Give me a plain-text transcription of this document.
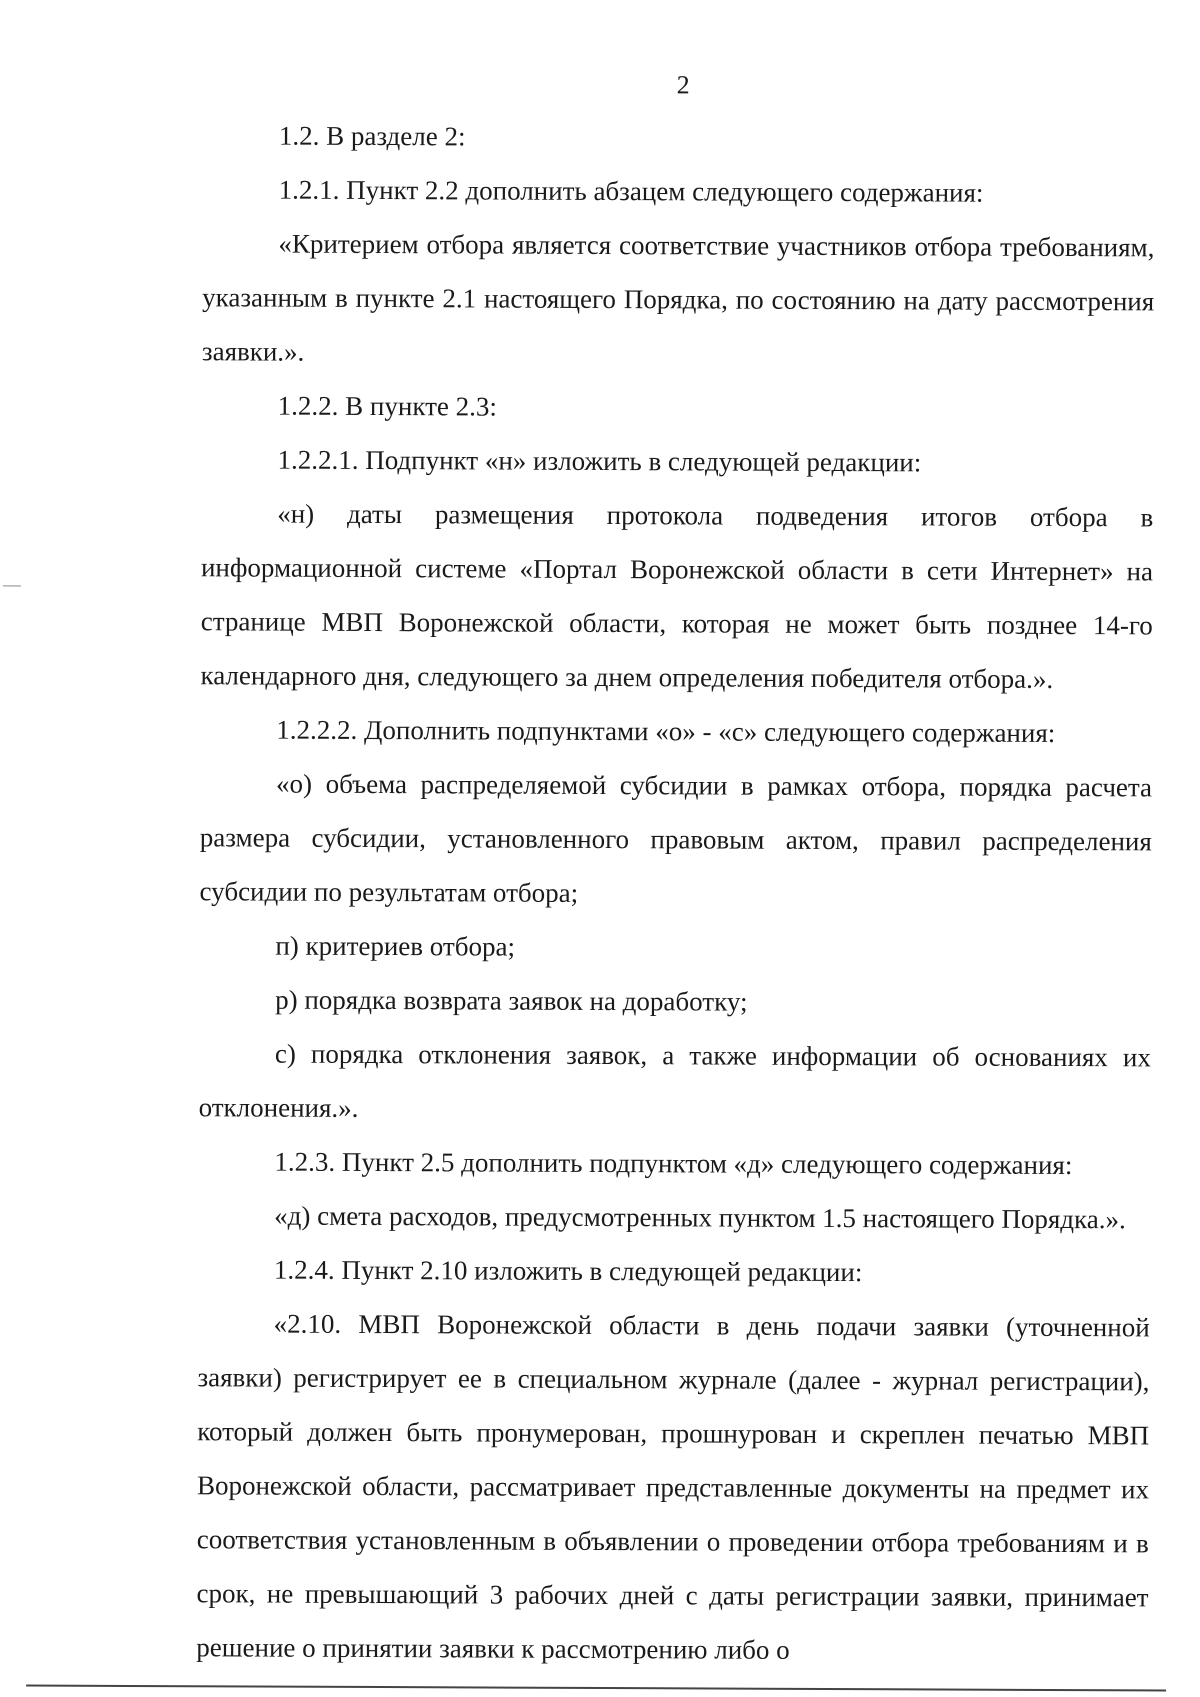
2

1.2. В разделе 2:

1.2.1. Пункт 2.2 дополнить абзацем следующего содержания:

«Критерием отбора является соответствие участников отбора требованиям, указанным в пункте 2.1 настоящего Порядка, по состоянию на дату рассмотрения заявки.».

1.2.2. В пункте 2.3:

1.2.2.1. Подпункт «н» изложить в следующей редакции:

«н) даты размещения протокола подведения итогов отбора в информационной системе «Портал Воронежской области в сети Интернет» на странице МВП Воронежской области, которая не может быть позднее 14-го календарного дня, следующего за днем определения победителя отбора.».

1.2.2.2. Дополнить подпунктами «о» - «с» следующего содержания:

«о) объема распределяемой субсидии в рамках отбора, порядка расчета размера субсидии, установленного правовым актом, правил распределения субсидии по результатам отбора;

п) критериев отбора;

р) порядка возврата заявок на доработку;

с) порядка отклонения заявок, а также информации об основаниях их отклонения.».

1.2.3. Пункт 2.5 дополнить подпунктом «д» следующего содержания:

«д) смета расходов, предусмотренных пунктом 1.5 настоящего Порядка.».

1.2.4. Пункт 2.10 изложить в следующей редакции:

«2.10. МВП Воронежской области в день подачи заявки (уточненной заявки) регистрирует ее в специальном журнале (далее - журнал регистрации), который должен быть пронумерован, прошнурован и скреплен печатью МВП Воронежской области, рассматривает представленные документы на предмет их соответствия установленным в объявлении о проведении отбора требованиям и в срок, не превышающий 3 рабочих дней с даты регистрации заявки, принимает решение о принятии заявки к рассмотрению либо о
